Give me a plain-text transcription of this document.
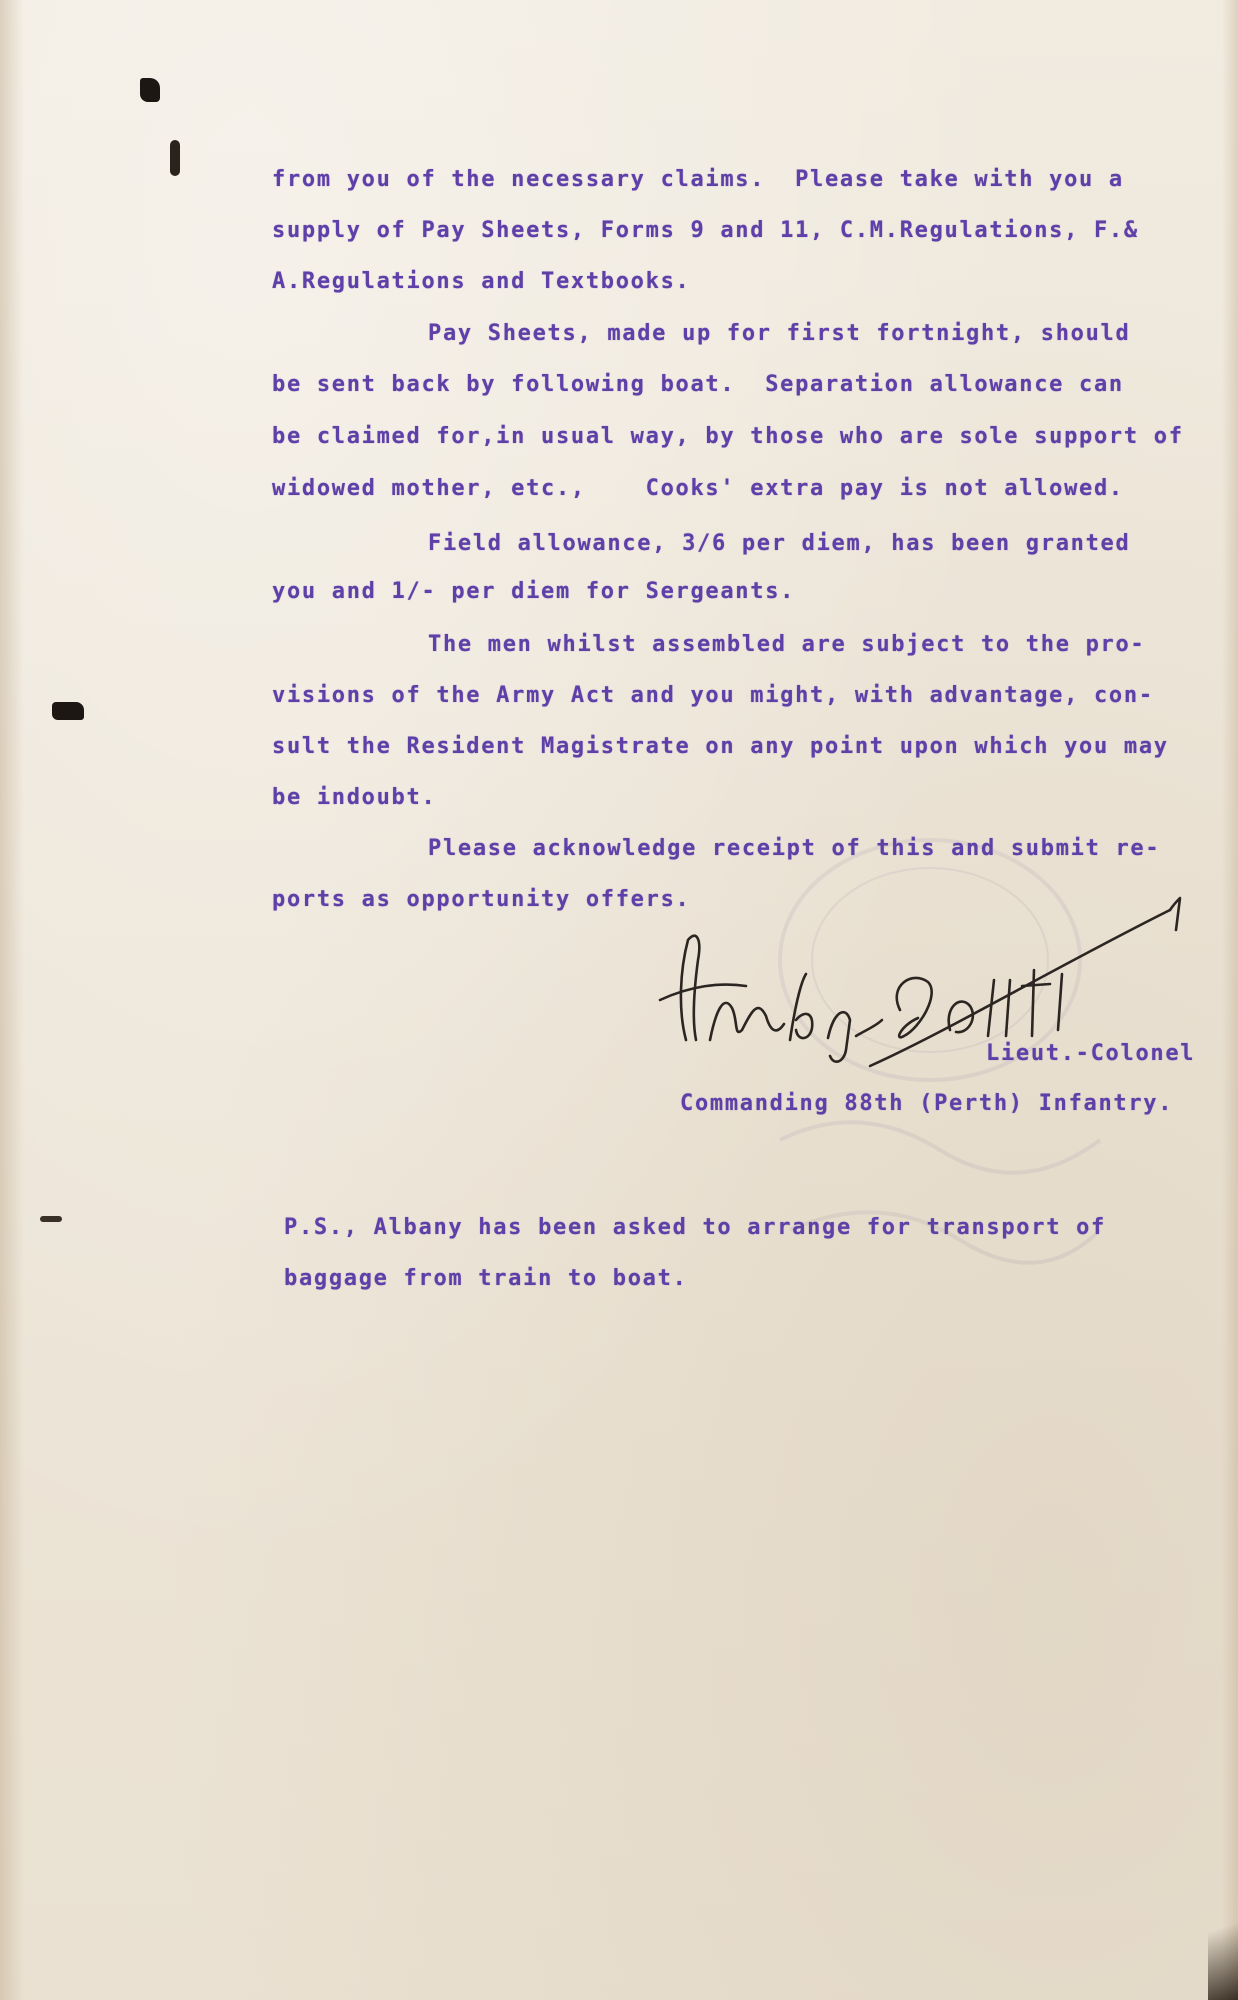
from you of the necessary claims.  Please take with you a
supply of Pay Sheets, Forms 9 and 11, C.M.Regulations, F.&
A.Regulations and Textbooks.
Pay Sheets, made up for first fortnight, should
be sent back by following boat.  Separation allowance can
be claimed for,in usual way, by those who are sole support of
widowed mother, etc.,    Cooks' extra pay is not allowed.
Field allowance, 3/6 per diem, has been granted
you and 1/- per diem for Sergeants.
The men whilst assembled are subject to the pro-
visions of the Army Act and you might, with advantage, con-
sult the Resident Magistrate on any point upon which you may
be indoubt.
Please acknowledge receipt of this and submit re-
ports as opportunity offers.
Lieut.-Colonel
Commanding 88th (Perth) Infantry.
P.S., Albany has been asked to arrange for transport of
baggage from train to boat.
